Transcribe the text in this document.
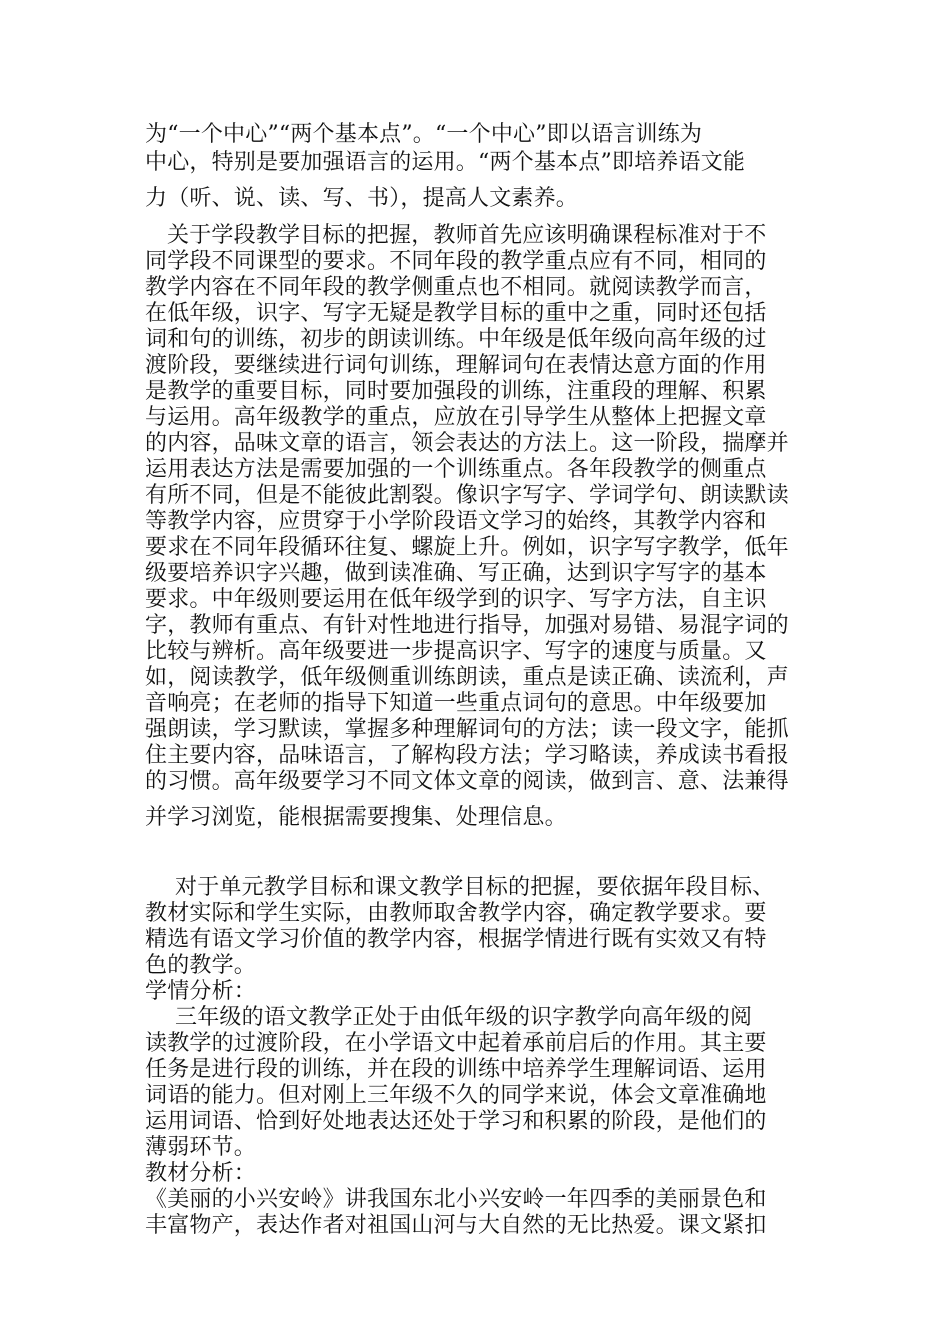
为“一个中心”“两个基本点”。“一个中心”即以语言训练为
中心，特别是要加强语言的运用。“两个基本点”即培养语文能
力（听、说、读、写、书），提高人文素养。
关于学段教学目标的把握，教师首先应该明确课程标准对于不
同学段不同课型的要求。不同年段的教学重点应有不同，相同的
教学内容在不同年段的教学侧重点也不相同。就阅读教学而言，
在低年级，识字、写字无疑是教学目标的重中之重，同时还包括
词和句的训练，初步的朗读训练。中年级是低年级向高年级的过
渡阶段，要继续进行词句训练，理解词句在表情达意方面的作用
是教学的重要目标，同时要加强段的训练，注重段的理解、积累
与运用。高年级教学的重点，应放在引导学生从整体上把握文章
的内容，品味文章的语言，领会表达的方法上。这一阶段，揣摩并
运用表达方法是需要加强的一个训练重点。各年段教学的侧重点
有所不同，但是不能彼此割裂。像识字写字、学词学句、朗读默读
等教学内容，应贯穿于小学阶段语文学习的始终，其教学内容和
要求在不同年段循环往复、螺旋上升。例如，识字写字教学，低年
级要培养识字兴趣，做到读准确、写正确，达到识字写字的基本
要求。中年级则要运用在低年级学到的识字、写字方法，自主识
字，教师有重点、有针对性地进行指导，加强对易错、易混字词的
比较与辨析。高年级要进一步提高识字、写字的速度与质量。又
如，阅读教学，低年级侧重训练朗读，重点是读正确、读流利，声
音响亮；在老师的指导下知道一些重点词句的意思。中年级要加
强朗读，学习默读，掌握多种理解词句的方法；读一段文字，能抓
住主要内容，品味语言，了解构段方法；学习略读，养成读书看报
的习惯。高年级要学习不同文体文章的阅读，做到言、意、法兼得
并学习浏览，能根据需要搜集、处理信息。
对于单元教学目标和课文教学目标的把握，要依据年段目标、
教材实际和学生实际，由教师取舍教学内容，确定教学要求。要
精选有语文学习价值的教学内容，根据学情进行既有实效又有特
色的教学。
学情分析：
三年级的语文教学正处于由低年级的识字教学向高年级的阅
读教学的过渡阶段，在小学语文中起着承前启后的作用。其主要
任务是进行段的训练，并在段的训练中培养学生理解词语、运用
词语的能力。但对刚上三年级不久的同学来说，体会文章准确地
运用词语、恰到好处地表达还处于学习和积累的阶段，是他们的
薄弱环节。
教材分析：
《美丽的小兴安岭》讲我国东北小兴安岭一年四季的美丽景色和
丰富物产，表达作者对祖国山河与大自然的无比热爱。课文紧扣
